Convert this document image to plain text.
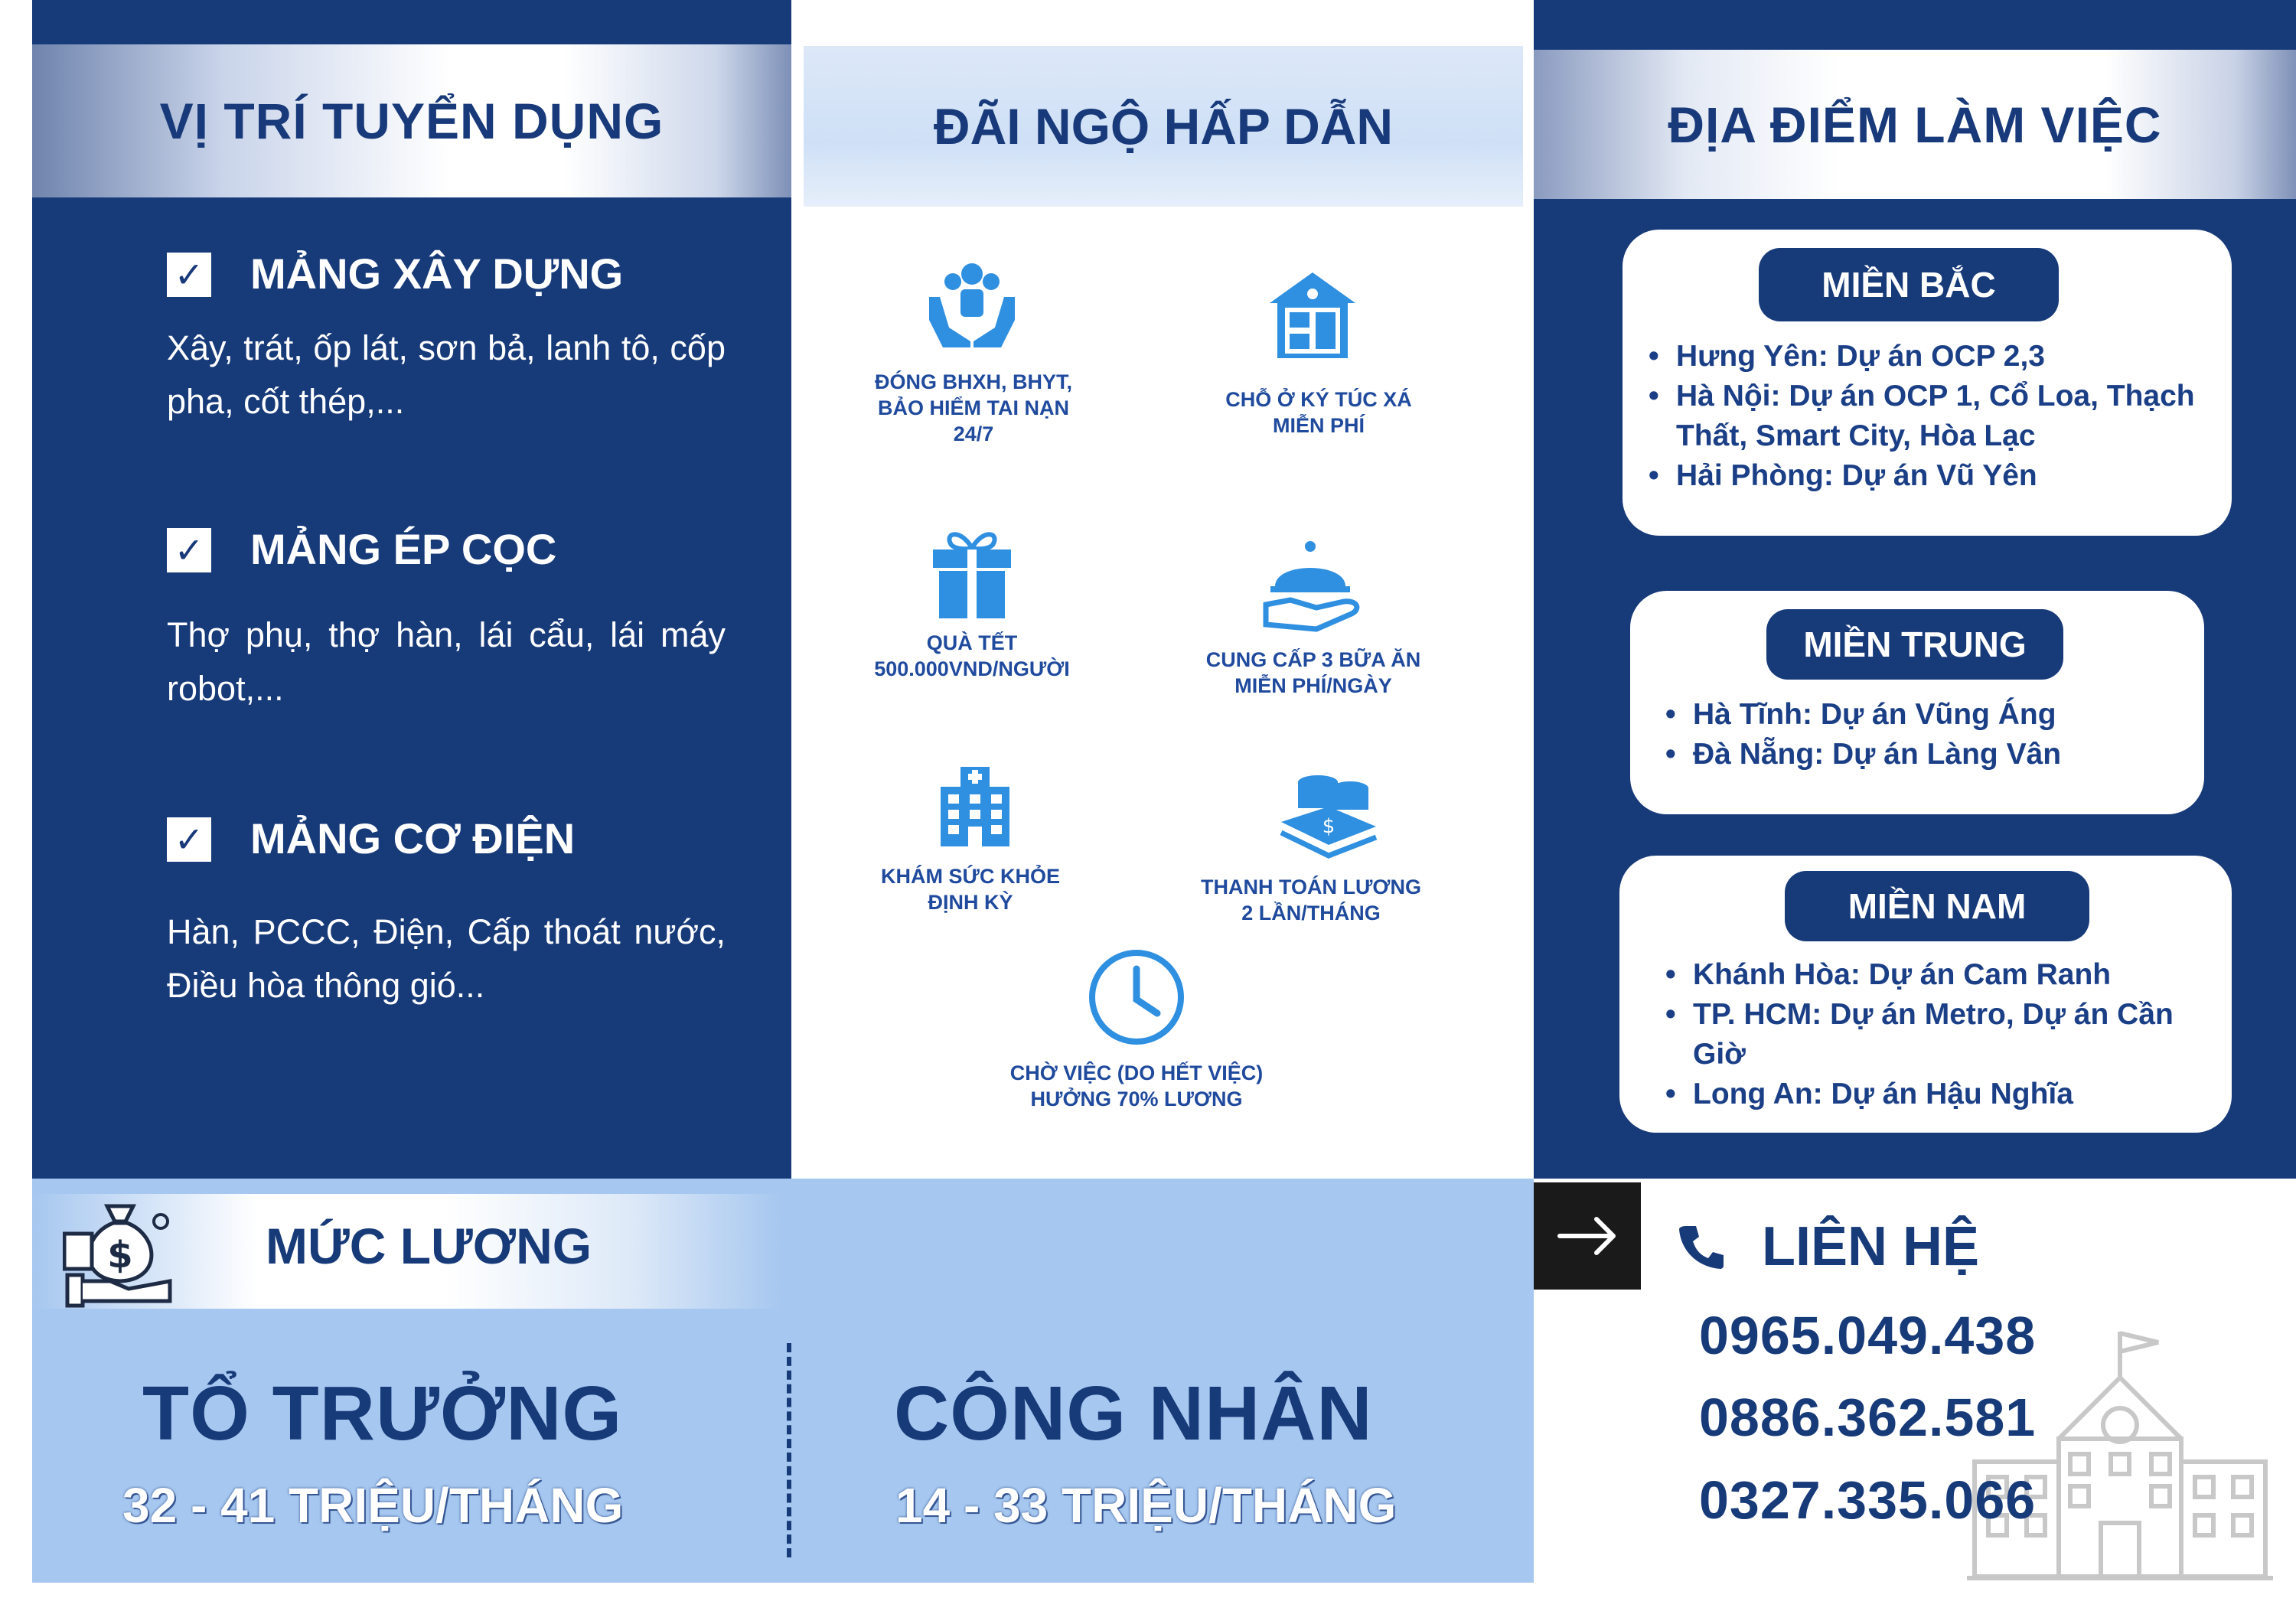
VỊ TRÍ TUYỂN DỤNG
✓ MẢNG XÂY DỰNG
Xây, trát, ốp lát, sơn bả, lanh tô, cốp pha, cốt thép,...
✓ MẢNG ÉP CỌC
Thợ phụ, thợ hàn, lái cẩu, lái máy robot,...
✓ MẢNG CƠ ĐIỆN
Hàn, PCCC, Điện, Cấp thoát nước, Điều hòa thông gió...
ĐÃI NGỘ HẤP DẪN
ĐÓNG BHXH, BHYT,
BẢO HIỂM TAI NẠN
24/7
CHỖ Ở KÝ TÚC XÁ
MIỄN PHÍ
QUÀ TẾT
500.000VND/NGƯỜI	CUNG CẤP 3 BỮA ĂN
MIỄN PHÍ/NGÀY
KHÁM SỨC KHỎE
ĐỊNH KỲ
$
THANH TOÁN LƯƠNG
2 LẦN/THÁNG
CHỜ VIỆC (DO HẾT VIỆC)
HƯỞNG 70% LƯƠNG
ĐỊA ĐIỂM LÀM VIỆC
MIỀN BẮC
• Hưng Yên: Dự án OCP 2,3
• Hà Nội: Dự án OCP 1, Cổ Loa, Thạch Thất, Smart City, Hòa Lạc
• Hải Phòng: Dự án Vũ Yên
MIỀN TRUNG
• Hà Tĩnh: Dự án Vũng Áng
• Đà Nẵng: Dự án Làng Vân
MIỀN NAM
• Khánh Hòa: Dự án Cam Ranh
• TP. HCM: Dự án Metro, Dự án Cần Giờ
• Long An: Dự án Hậu Nghĩa
MỨC LƯƠNG
$
TỔ TRƯỞNG
32 - 41 TRIỆU/THÁNG
CÔNG NHÂN
14 - 33 TRIỆU/THÁNG
LIÊN HỆ
0965.049.438
0886.362.581
0327.335.066
